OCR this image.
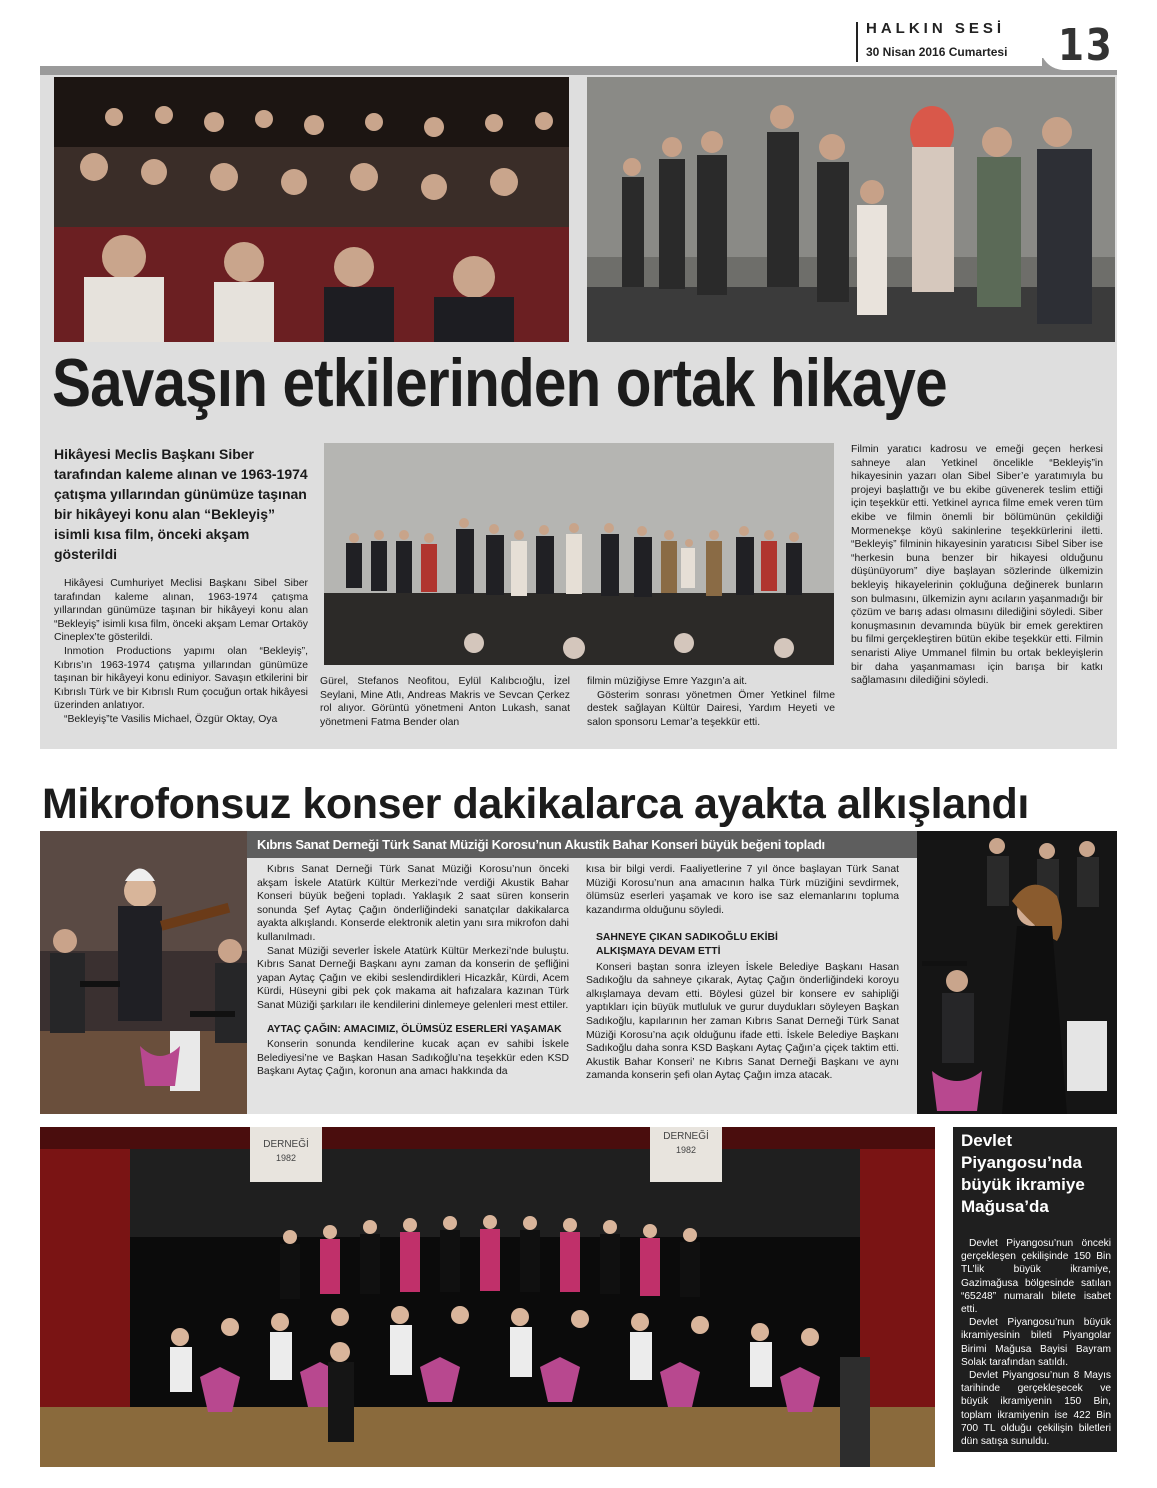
HALKIN SESİ
30 Nisan 2016 Cumartesi 13
Savaşın etkilerinden ortak hikaye
Hikâyesi Meclis Başkanı Siber tarafından kaleme alınan ve 1963-1974 çatışma yıllarından günümüze taşınan bir hikâyeyi konu alan “Bekleyiş” isimli kısa film, önceki akşam gösterildi

Hikâyesi Cumhuriyet Meclisi Başkanı Sibel Siber tarafından kaleme alınan, 1963-1974 çatışma yıllarından günümüze taşınan bir hikâyeyi konu alan “Bekleyiş” isimli kısa film, önceki akşam Lemar Ortaköy Cineplex’te gösterildi.

Inmotion Productions yapımı olan “Bekleyiş”, Kıbrıs’ın 1963-1974 çatışma yıllarından günümüze taşınan bir hikâyeyi konu ediniyor. Savaşın etkilerini bir Kıbrıslı Türk ve bir Kıbrıslı Rum çocuğun ortak hikâyesi üzerinden anlatıyor.

“Bekleyiş”te Vasilis Michael, Özgür Oktay, Oya

Gürel, Stefanos Neofitou, Eylül Kalıbcıoğlu, İzel Seylani, Mine Atlı, Andreas Makris ve Sevcan Çerkez rol alıyor. Görüntü yönetmeni Anton Lukash, sanat yönetmeni Fatma Bender olan

filmin müziğiyse Emre Yazgın’a ait.

Gösterim sonrası yönetmen Ömer Yetkinel filme destek sağlayan Kültür Dairesi, Yardım Heyeti ve salon sponsoru Lemar’a teşekkür etti.

Filmin yaratıcı kadrosu ve emeği geçen herkesi sahneye alan Yetkinel öncelikle “Bekleyiş”in hikayesinin yazarı olan Sibel Siber’e yaratımıyla bu projeyi başlattığı ve bu ekibe güvenerek teslim ettiği için teşekkür etti. Yetkinel ayrıca filme emek veren tüm ekibe ve filmin önemli bir bölümünün çekildiği Mormenekşe köyü sakinlerine teşekkürlerini iletti. “Bekleyiş” filminin hikayesinin yaratıcısı Sibel Siber ise “herkesin buna benzer bir hikayesi olduğunu düşünüyorum” diye başlayan sözlerinde ülkemizin bekleyiş hikayelerinin çokluğuna değinerek bunların son bulmasını, ülkemizin aynı acıların yaşanmadığı bir çözüm ve barış adası olmasını dilediğini söyledi. Siber konuşmasının devamında büyük bir emek gerektiren bu filmi gerçekleştiren bütün ekibe teşekkür etti. Filmin senaristi Aliye Ummanel filmin bu ortak bekleyişlerin bir daha yaşanmaması için barışa bir katkı sağlamasını dilediğini söyledi.

Mikrofonsuz konser dakikalarca ayakta alkışlandı
Kıbrıs Sanat Derneği Türk Sanat Müziği Korosu’nun Akustik Bahar Konseri büyük beğeni topladı

Kıbrıs Sanat Derneği Türk Sanat Müziği Korosu’nun önceki akşam İskele Atatürk Kültür Merkezi’nde verdiği Akustik Bahar Konseri büyük beğeni topladı. Yaklaşık 2 saat süren konserin sonunda Şef Aytaç Çağın önderliğindeki sanatçılar dakikalarca ayakta alkışlandı. Konserde elektronik aletin yanı sıra mikrofon dahi kullanılmadı.

Sanat Müziği severler İskele Atatürk Kültür Merkezi’nde buluştu. Kıbrıs Sanat Derneği Başkanı aynı zaman da konserin de şefliğini yapan Aytaç Çağın ve ekibi seslendirdikleri Hicazkâr, Kürdi, Acem Kürdi, Hüseyni gibi pek çok makama ait hafızalara kazınan Türk Sanat Müziği şarkıları ile kendilerini dinlemeye gelenleri mest ettiler.

AYTAÇ ÇAĞIN: AMACIMIZ, ÖLÜMSÜZ ESERLERİ YAŞAMAK

Konserin sonunda kendilerine kucak açan ev sahibi İskele Belediyesi’ne ve Başkan Hasan Sadıkoğlu’na teşekkür eden KSD Başkanı Aytaç Çağın, koronun ana amacı hakkında da

kısa bir bilgi verdi. Faaliyetlerine 7 yıl önce başlayan Türk Sanat Müziği Korosu’nun ana amacının halka Türk müziğini sevdirmek, ölümsüz eserleri yaşamak ve koro ise saz elemanlarını topluma kazandırma olduğunu söyledi.

SAHNEYE ÇIKAN SADIKOĞLU EKİBİ
ALKIŞMAYA DEVAM ETTİ

Konseri baştan sonra izleyen İskele Belediye Başkanı Hasan Sadıkoğlu da sahneye çıkarak, Aytaç Çağın önderliğindeki koroyu alkışlamaya devam etti. Böylesi güzel bir konsere ev sahipliği yaptıkları için büyük mutluluk ve gurur duydukları söyleyen Başkan Sadıkoğlu, kapılarının her zaman Kıbrıs Sanat Derneği Türk Sanat Müziği Korosu’na açık olduğunu ifade etti. İskele Belediye Başkanı Sadıkoğlu daha sonra KSD Başkanı Aytaç Çağın’a çiçek taktim etti. Akustik Bahar Konseri’ ne Kıbrıs Sanat Derneği Başkanı ve aynı zamanda konserin şefi olan Aytaç Çağın imza atacak.

DERNEĞİ
1982
DERNEĞİ
1982	Devlet Piyangosu’nda büyük ikramiye Mağusa’da

Devlet Piyangosu’nun önceki gerçekleşen çekilişinde 150 Bin TL’lik büyük ikramiye, Gazimağusa bölgesinde satılan “65248” numaralı bilete isabet etti.

Devlet Piyangosu’nun büyük ikramiyesinin bileti Piyangolar Birimi Mağusa Bayisi Bayram Solak tarafından satıldı.

Devlet Piyangosu’nun 8 Mayıs tarihinde gerçekleşecek ve büyük ikramiyenin 150 Bin, toplam ikramiyenin ise 422 Bin 700 TL olduğu çekilişin biletleri dün satışa sunuldu.
